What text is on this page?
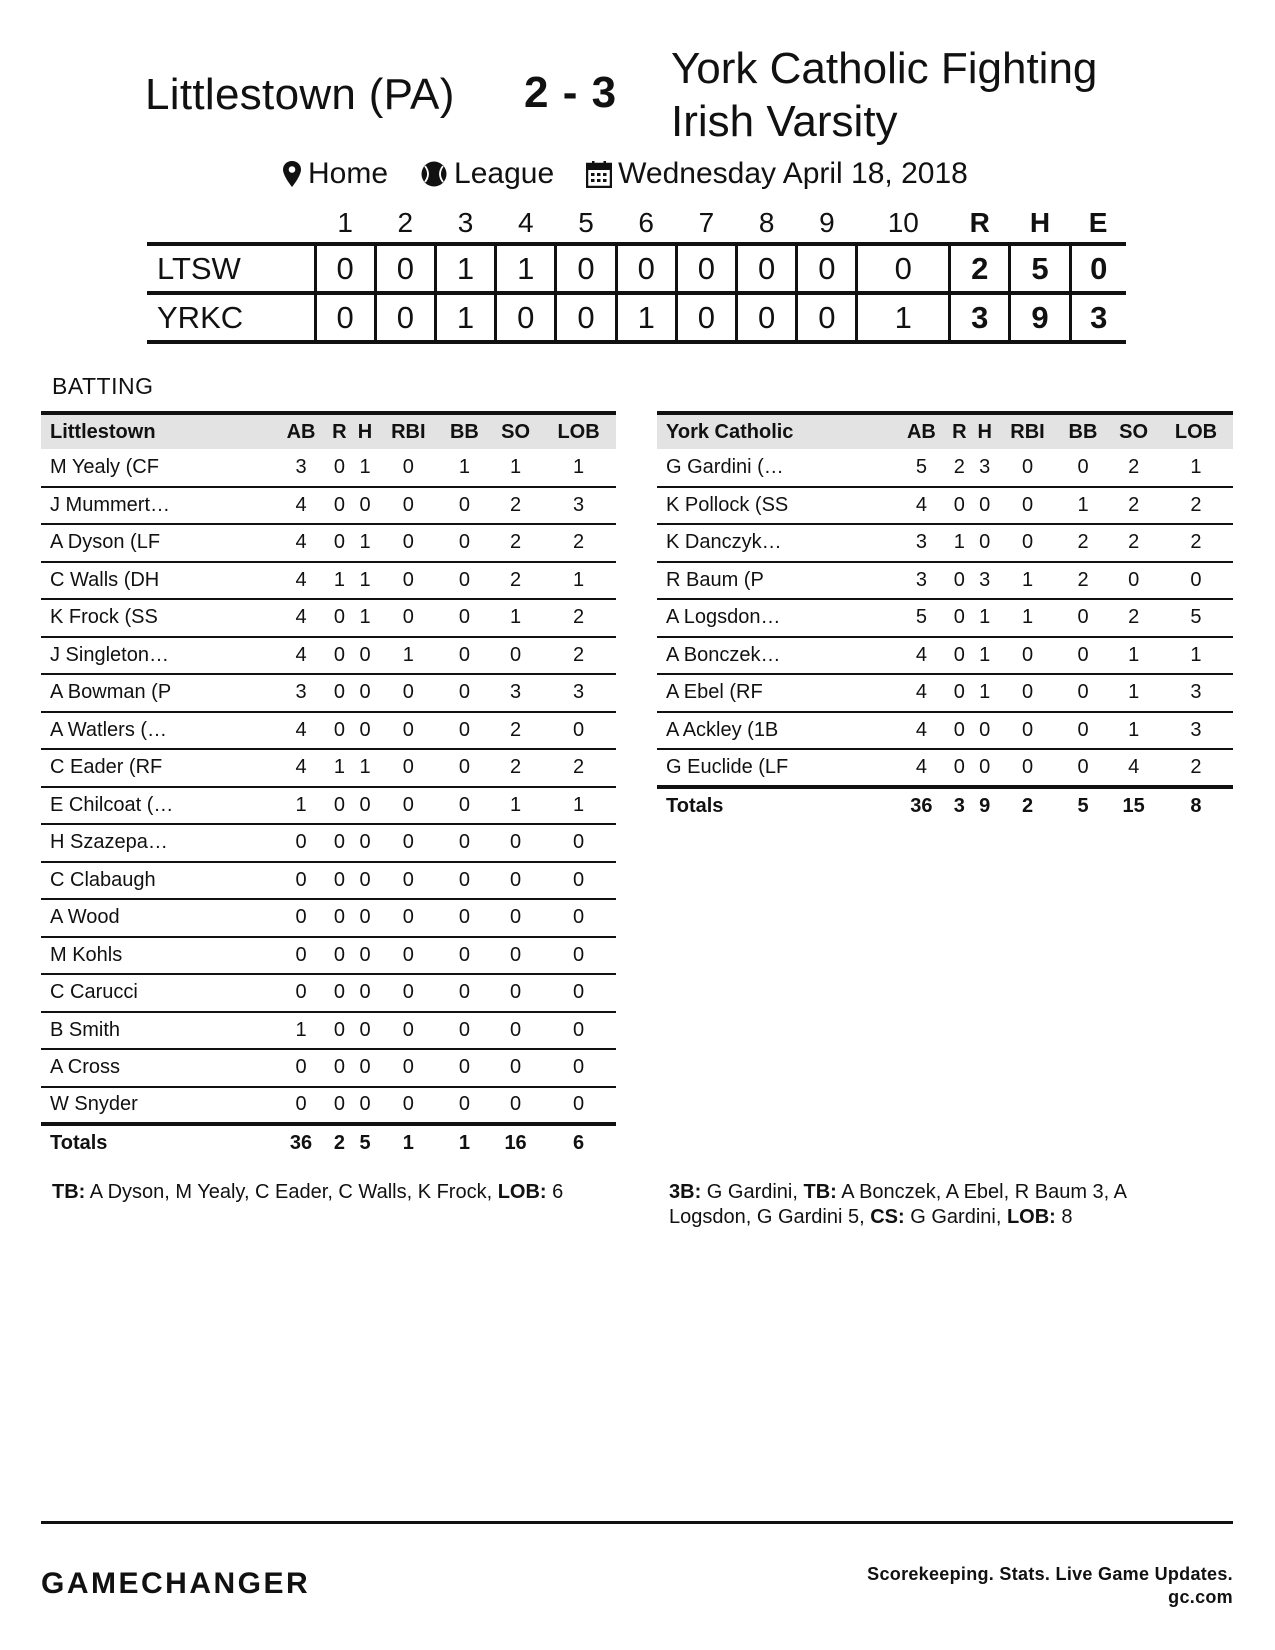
Littlestown (PA) 2 - 3 York Catholic Fighting Irish Varsity
Home League Wednesday April 18, 2018
	1	2	3	4	5	6	7	8	9	10	R	H	E
LTSW	0	0	1	1	0	0	0	0	0	0	2	5	0
YRKC	0	0	1	0	0	1	0	0	0	1	3	9	3
BATTING
Littlestown	AB	R	H	RBI	BB	SO	LOB
M Yealy (CF	3	0	1	0	1	1	1
J Mummert…	4	0	0	0	0	2	3
A Dyson (LF	4	0	1	0	0	2	2
C Walls (DH	4	1	1	0	0	2	1
K Frock (SS	4	0	1	0	0	1	2
J Singleton…	4	0	0	1	0	0	2
A Bowman (P	3	0	0	0	0	3	3
A Watlers (…	4	0	0	0	0	2	0
C Eader (RF	4	1	1	0	0	2	2
E Chilcoat (…	1	0	0	0	0	1	1
H Szazepa…	0	0	0	0	0	0	0
C Clabaugh	0	0	0	0	0	0	0
A Wood	0	0	0	0	0	0	0
M Kohls	0	0	0	0	0	0	0
C Carucci	0	0	0	0	0	0	0
B Smith	1	0	0	0	0	0	0
A Cross	0	0	0	0	0	0	0
W Snyder	0	0	0	0	0	0	0
Totals	36	2	5	1	1	16	6
York Catholic	AB	R	H	RBI	BB	SO	LOB
G Gardini (…	5	2	3	0	0	2	1
K Pollock (SS	4	0	0	0	1	2	2
K Danczyk…	3	1	0	0	2	2	2
R Baum (P	3	0	3	1	2	0	0
A Logsdon…	5	0	1	1	0	2	5
A Bonczek…	4	0	1	0	0	1	1
A Ebel (RF	4	0	1	0	0	1	3
A Ackley (1B	4	0	0	0	0	1	3
G Euclide (LF	4	0	0	0	0	4	2
Totals	36	3	9	2	5	15	8
TB: A Dyson, M Yealy, C Eader, C Walls, K Frock, LOB: 6	3B: G Gardini, TB: A Bonczek, A Ebel, R Baum 3, A Logsdon, G Gardini 5, CS: G Gardini, LOB: 8
GAMECHANGER	Scorekeeping. Stats. Live Game Updates.
gc.com
